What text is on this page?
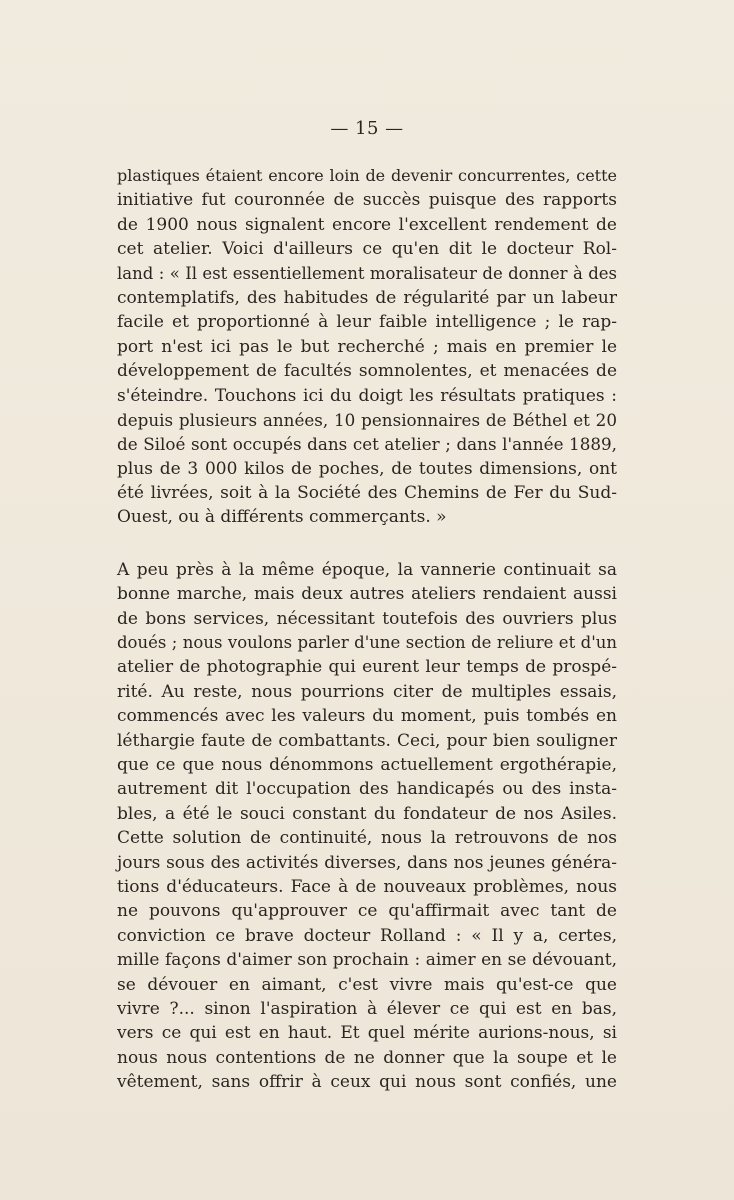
— 15 —

plastiques étaient encore loin de devenir concurrentes, cette
initiative fut couronnée de succès puisque des rapports
de 1900 nous signalent encore l'excellent rendement de
cet atelier. Voici d'ailleurs ce qu'en dit le docteur Rol-
land : « Il est essentiellement moralisateur de donner à des
contemplatifs, des habitudes de régularité par un labeur
facile et proportionné à leur faible intelligence ; le rap-
port n'est ici pas le but recherché ; mais en premier le
développement de facultés somnolentes, et menacées de
s'éteindre. Touchons ici du doigt les résultats pratiques :
depuis plusieurs années, 10 pensionnaires de Béthel et 20
de Siloé sont occupés dans cet atelier ; dans l'année 1889,
plus de 3 000 kilos de poches, de toutes dimensions, ont
été livrées, soit à la Société des Chemins de Fer du Sud-
Ouest, ou à différents commerçants. »

A peu près à la même époque, la vannerie continuait sa
bonne marche, mais deux autres ateliers rendaient aussi
de bons services, nécessitant toutefois des ouvriers plus
doués ; nous voulons parler d'une section de reliure et d'un
atelier de photographie qui eurent leur temps de prospé-
rité. Au reste, nous pourrions citer de multiples essais,
commencés avec les valeurs du moment, puis tombés en
léthargie faute de combattants. Ceci, pour bien souligner
que ce que nous dénommons actuellement ergothérapie,
autrement dit l'occupation des handicapés ou des insta-
bles, a été le souci constant du fondateur de nos Asiles.
Cette solution de continuité, nous la retrouvons de nos
jours sous des activités diverses, dans nos jeunes généra-
tions d'éducateurs. Face à de nouveaux problèmes, nous
ne pouvons qu'approuver ce qu'affirmait avec tant de
conviction ce brave docteur Rolland : « Il y a, certes,
mille façons d'aimer son prochain : aimer en se dévouant,
se dévouer en aimant, c'est vivre mais qu'est-ce que
vivre ?... sinon l'aspiration à élever ce qui est en bas,
vers ce qui est en haut. Et quel mérite aurions-nous, si
nous nous contentions de ne donner que la soupe et le
vêtement, sans offrir à ceux qui nous sont confiés, une
